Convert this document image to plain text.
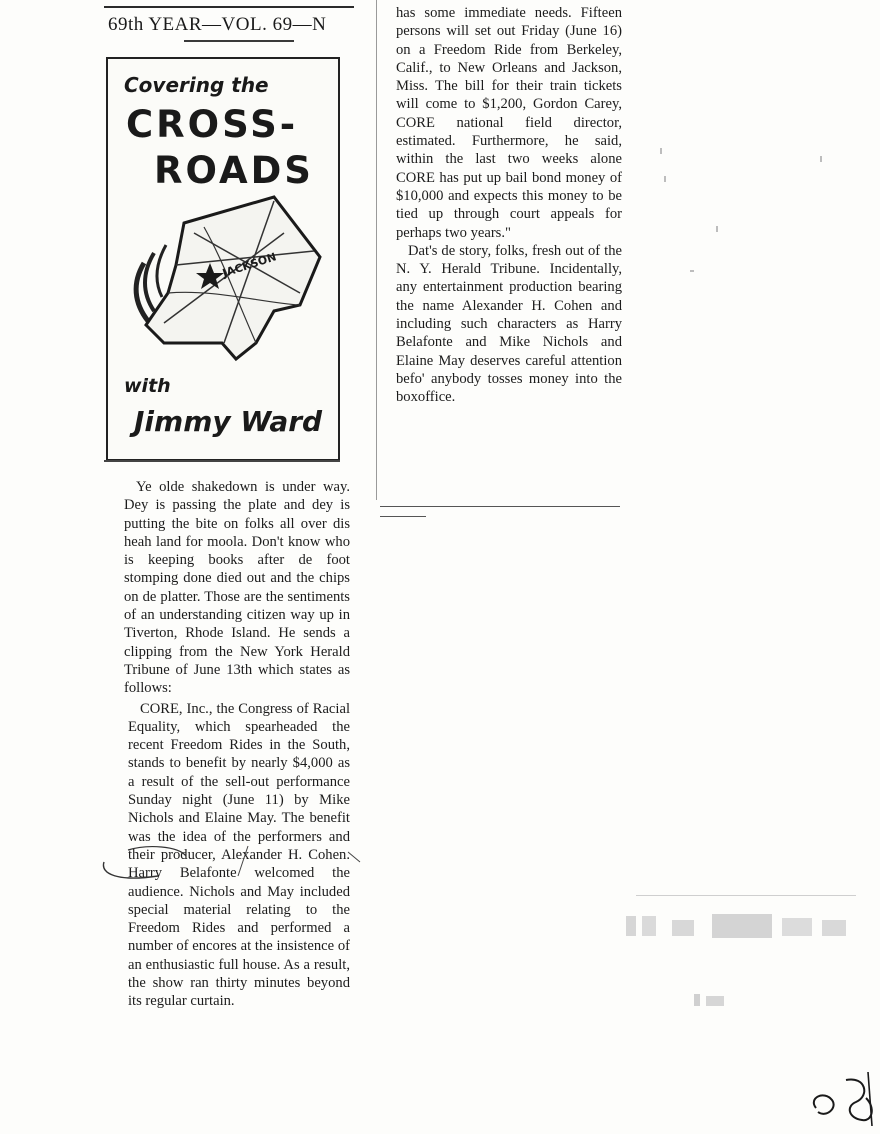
69th YEAR—VOL. 69—N
Covering the
CROSS-
ROADS
JACKSON
with
Jimmy Ward

Ye olde shakedown is under way. Dey is passing the plate and dey is putting the bite on folks all over dis heah land for moola. Don't know who is keeping books after de foot stomping done died out and the chips on de platter. Those are the sentiments of an understanding citizen way up in Tiverton, Rhode Island. He sends a clipping from the New York Herald Tribune of June 13th which states as follows:

CORE, Inc., the Congress of Racial Equality, which spearheaded the recent Freedom Rides in the South, stands to benefit by nearly $4,000 as a result of the sell-out performance Sunday night (June 11) by Mike Nichols and Elaine May. The benefit was the idea of the performers and their producer, Alexander H. Cohen. Harry Belafonte welcomed the audience. Nichols and May included special material relating to the Freedom Rides and performed a number of encores at the insistence of an enthusiastic full house. As a result, the show ran thirty minutes beyond its regular curtain.

has some immediate needs. Fifteen persons will set out Friday (June 16) on a Freedom Ride from Berkeley, Calif., to New Orleans and Jackson, Miss. The bill for their train tickets will come to $1,200, Gordon Carey, CORE national field director, estimated. Furthermore, he said, within the last two weeks alone CORE has put up bail bond money of $10,000 and expects this money to be tied up through court appeals for perhaps two years."

Dat's de story, folks, fresh out of the N. Y. Herald Tribune. Incidentally, any entertainment production bearing the name Alexander H. Cohen and including such characters as Harry Belafonte and Mike Nichols and Elaine May deserves careful attention befo' anybody tosses money into the boxoffice.
